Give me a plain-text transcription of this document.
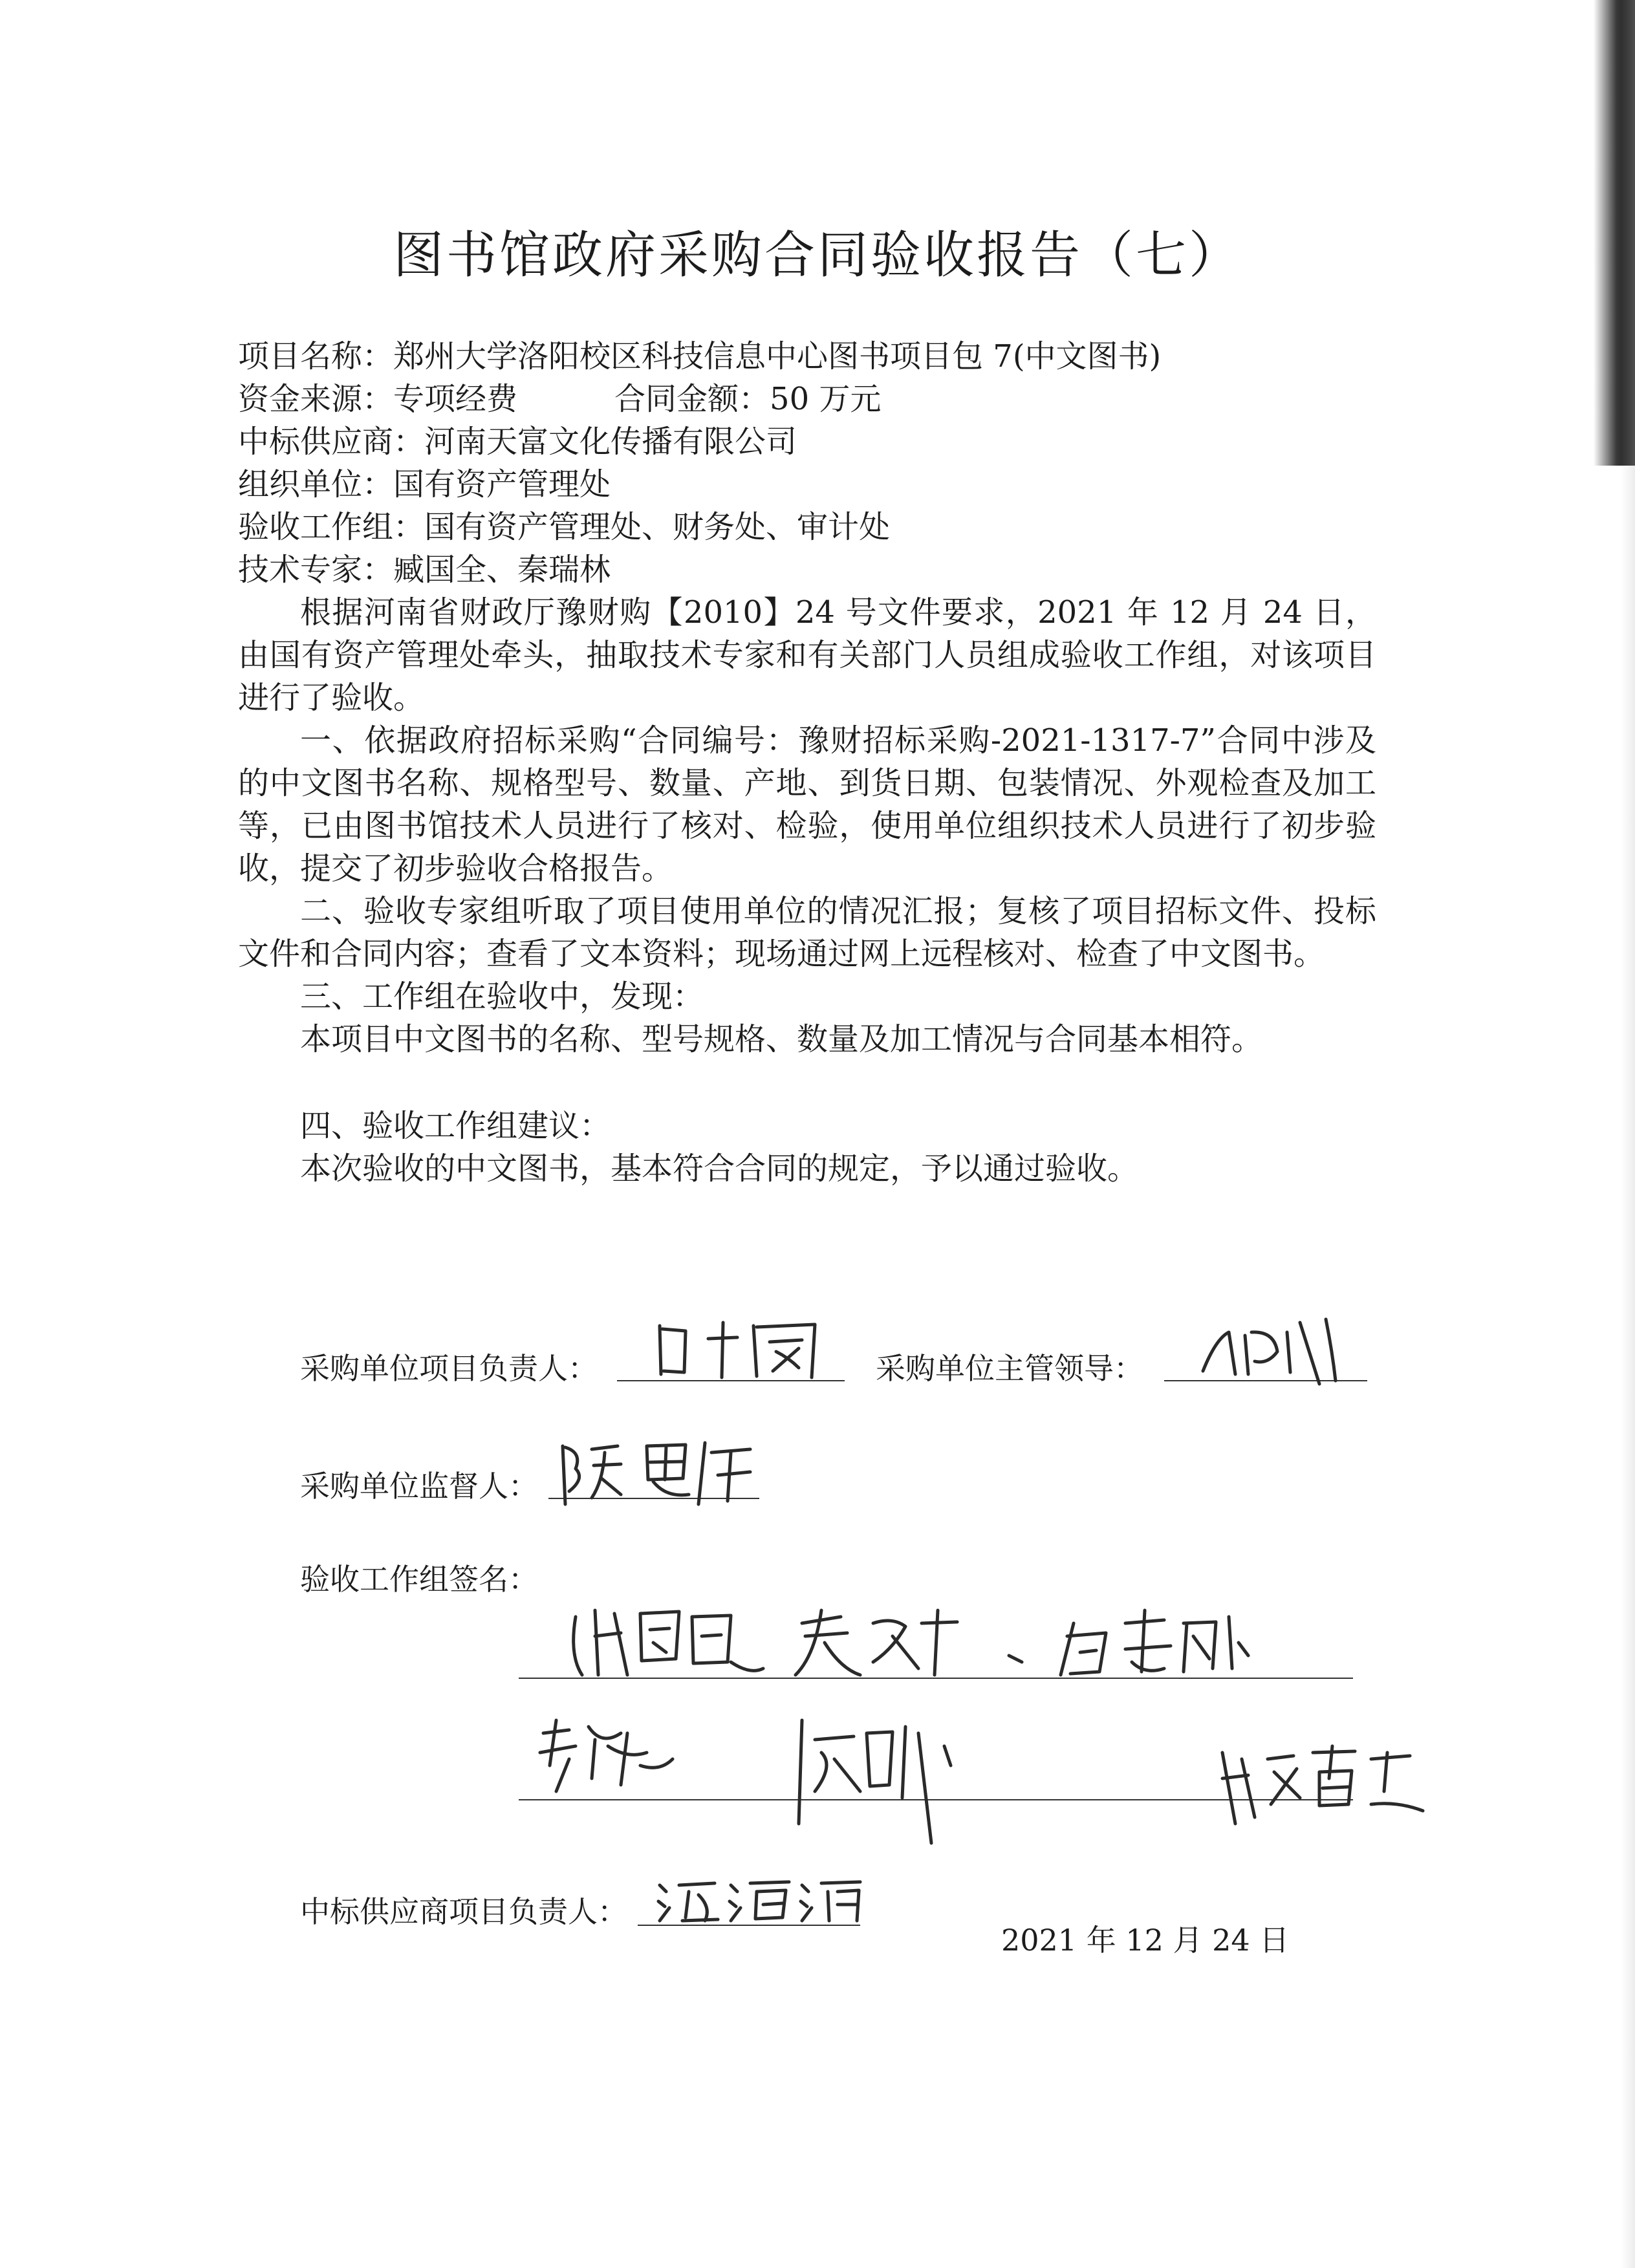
图书馆政府采购合同验收报告（七）
项目名称：郑州大学洛阳校区科技信息中心图书项目包 7(中文图书)
资金来源：专项经费	合同金额：50 万元
中标供应商：河南天富文化传播有限公司
组织单位：国有资产管理处
验收工作组：国有资产管理处、财务处、审计处
技术专家：臧国全、秦瑞林
根据河南省财政厅豫财购【2010】24 号文件要求，2021 年 12 月 24 日，由国有资产管理处牵头，抽取技术专家和有关部门人员组成验收工作组，对该项目进行了验收。
一、依据政府招标采购“合同编号：豫财招标采购-2021-1317-7”合同中涉及的中文图书名称、规格型号、数量、产地、到货日期、包装情况、外观检查及加工等，已由图书馆技术人员进行了核对、检验，使用单位组织技术人员进行了初步验收，提交了初步验收合格报告。
二、验收专家组听取了项目使用单位的情况汇报；复核了项目招标文件、投标文件和合同内容；查看了文本资料；现场通过网上远程核对、检查了中文图书。
三、工作组在验收中，发现：
本项目中文图书的名称、型号规格、数量及加工情况与合同基本相符。
四、验收工作组建议：
本次验收的中文图书，基本符合合同的规定，予以通过验收。
采购单位项目负责人：	采购单位主管领导：
采购单位监督人：
验收工作组签名：
中标供应商项目负责人：
2021 年 12 月 24 日
